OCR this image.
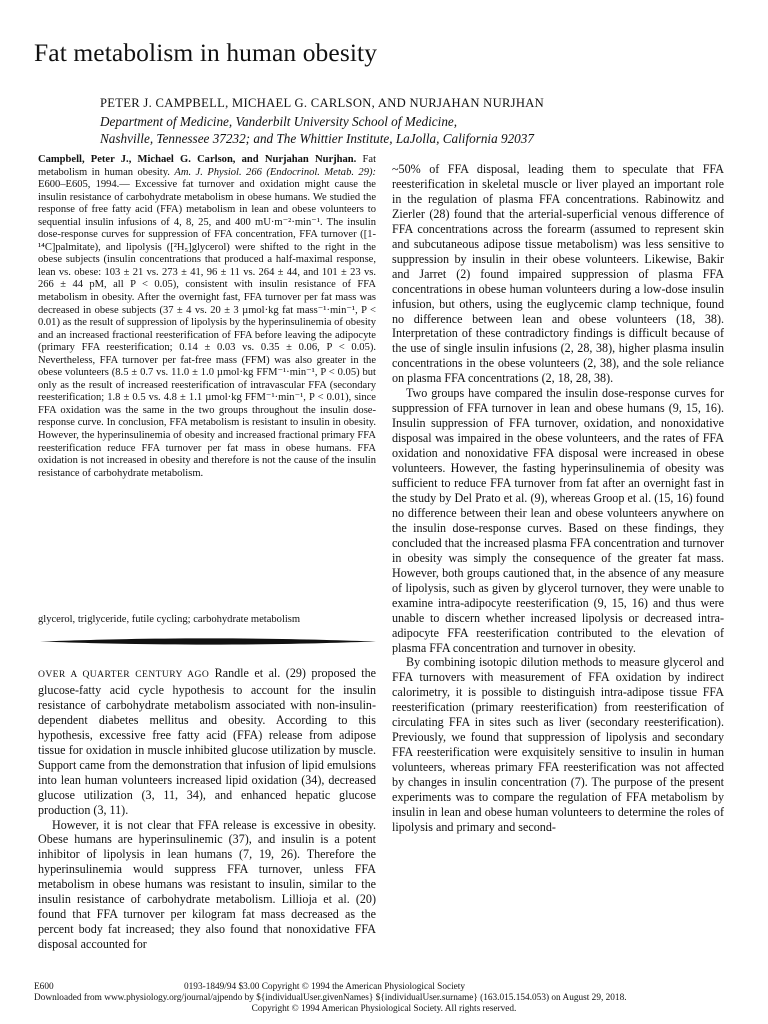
Fat metabolism in human obesity

PETER J. CAMPBELL, MICHAEL G. CARLSON, AND NURJAHAN NURJHAN

Department of Medicine, Vanderbilt University School of Medicine,
Nashville, Tennessee 37232; and The Whittier Institute, LaJolla, California 92037

Campbell, Peter J., Michael G. Carlson, and Nurjahan Nurjhan. Fat metabolism in human obesity. Am. J. Physiol. 266 (Endocrinol. Metab. 29): E600–E605, 1994.— Excessive fat turnover and oxidation might cause the insulin resistance of carbohydrate metabolism in obese humans. We studied the response of free fatty acid (FFA) metabolism in lean and obese volunteers to sequential insulin infusions of 4, 8, 25, and 400 mU·m⁻²·min⁻¹. The insulin dose-response curves for suppression of FFA concentration, FFA turnover ([1-¹⁴C]palmitate), and lipolysis ([²H₅]glycerol) were shifted to the right in the obese subjects (insulin concentrations that produced a half-maximal response, lean vs. obese: 103 ± 21 vs. 273 ± 41, 96 ± 11 vs. 264 ± 44, and 101 ± 23 vs. 266 ± 44 pM, all P < 0.05), consistent with insulin resistance of FFA metabolism in obesity. After the overnight fast, FFA turnover per fat mass was decreased in obese subjects (37 ± 4 vs. 20 ± 3 µmol·kg fat mass⁻¹·min⁻¹, P < 0.01) as the result of suppression of lipolysis by the hyperinsulinemia of obesity and an increased fractional reesterification of FFA before leaving the adipocyte (primary FFA reesterification; 0.14 ± 0.03 vs. 0.35 ± 0.06, P < 0.05). Nevertheless, FFA turnover per fat-free mass (FFM) was also greater in the obese volunteers (8.5 ± 0.7 vs. 11.0 ± 1.0 µmol·kg FFM⁻¹·min⁻¹, P < 0.05) but only as the result of increased reesterification of intravascular FFA (secondary reesterification; 1.8 ± 0.5 vs. 4.8 ± 1.1 µmol·kg FFM⁻¹·min⁻¹, P < 0.01), since FFA oxidation was the same in the two groups throughout the insulin dose-response curve. In conclusion, FFA metabolism is resistant to insulin in obesity. However, the hyperinsulinemia of obesity and increased fractional primary FFA reesterification reduce FFA turnover per fat mass in obese humans. FFA oxidation is not increased in obesity and therefore is not the cause of the insulin resistance of carbohydrate metabolism.

glycerol, triglyceride, futile cycling; carbohydrate metabolism

OVER A QUARTER CENTURY AGO Randle et al. (29) proposed the glucose-fatty acid cycle hypothesis to account for the insulin resistance of carbohydrate metabolism associated with non-insulin-dependent diabetes mellitus and obesity. According to this hypothesis, excessive free fatty acid (FFA) release from adipose tissue for oxidation in muscle inhibited glucose utilization by muscle. Support came from the demonstration that infusion of lipid emulsions into lean human volunteers increased lipid oxidation (34), decreased glucose utilization (3, 11, 34), and enhanced hepatic glucose production (3, 11).

However, it is not clear that FFA release is excessive in obesity. Obese humans are hyperinsulinemic (37), and insulin is a potent inhibitor of lipolysis in lean humans (7, 19, 26). Therefore the hyperinsulinemia would suppress FFA turnover, unless FFA metabolism in obese humans was resistant to insulin, similar to the insulin resistance of carbohydrate metabolism. Lillioja et al. (20) found that FFA turnover per kilogram fat mass decreased as the percent body fat increased; they also found that nonoxidative FFA disposal accounted for

~50% of FFA disposal, leading them to speculate that FFA reesterification in skeletal muscle or liver played an important role in the regulation of plasma FFA concentrations. Rabinowitz and Zierler (28) found that the arterial-superficial venous difference of FFA concentrations across the forearm (assumed to represent skin and subcutaneous adipose tissue metabolism) was less sensitive to suppression by insulin in their obese volunteers. Likewise, Bakir and Jarret (2) found impaired suppression of plasma FFA concentrations in obese human volunteers during a low-dose insulin infusion, but others, using the euglycemic clamp technique, found no difference between lean and obese volunteers (18, 38). Interpretation of these contradictory findings is difficult because of the use of single insulin infusions (2, 28, 38), higher plasma insulin concentrations in the obese volunteers (2, 38), and the sole reliance on plasma FFA concentrations (2, 18, 28, 38).

Two groups have compared the insulin dose-response curves for suppression of FFA turnover in lean and obese humans (9, 15, 16). Insulin suppression of FFA turnover, oxidation, and nonoxidative disposal was impaired in the obese volunteers, and the rates of FFA oxidation and nonoxidative FFA disposal were increased in obese volunteers. However, the fasting hyperinsulinemia of obesity was sufficient to reduce FFA turnover from fat after an overnight fast in the study by Del Prato et al. (9), whereas Groop et al. (15, 16) found no difference between their lean and obese volunteers anywhere on the insulin dose-response curves. Based on these findings, they concluded that the increased plasma FFA concentration and turnover in obesity was simply the consequence of the greater fat mass. However, both groups cautioned that, in the absence of any measure of lipolysis, such as given by glycerol turnover, they were unable to examine intra-adipocyte reesterification (9, 15, 16) and thus were unable to discern whether increased lipolysis or decreased intra-adipocyte FFA reesterification contributed to the elevation of plasma FFA concentration and turnover in obesity.

By combining isotopic dilution methods to measure glycerol and FFA turnovers with measurement of FFA oxidation by indirect calorimetry, it is possible to distinguish intra-adipose tissue FFA reesterification (primary reesterification) from reesterification of circulating FFA in sites such as liver (secondary reesterification). Previously, we found that suppression of lipolysis and secondary FFA reesterification were exquisitely sensitive to insulin in human volunteers, whereas primary FFA reesterification was not affected by changes in insulin concentration (7). The purpose of the present experiments was to compare the regulation of FFA metabolism by insulin in lean and obese human volunteers to determine the roles of lipolysis and primary and second-

E600	0193-1849/94 $3.00 Copyright © 1994 the American Physiological Society
Downloaded from www.physiology.org/journal/ajpendo by ${individualUser.givenNames} ${individualUser.surname} (163.015.154.053) on August 29, 2018.
Copyright © 1994 American Physiological Society. All rights reserved.
